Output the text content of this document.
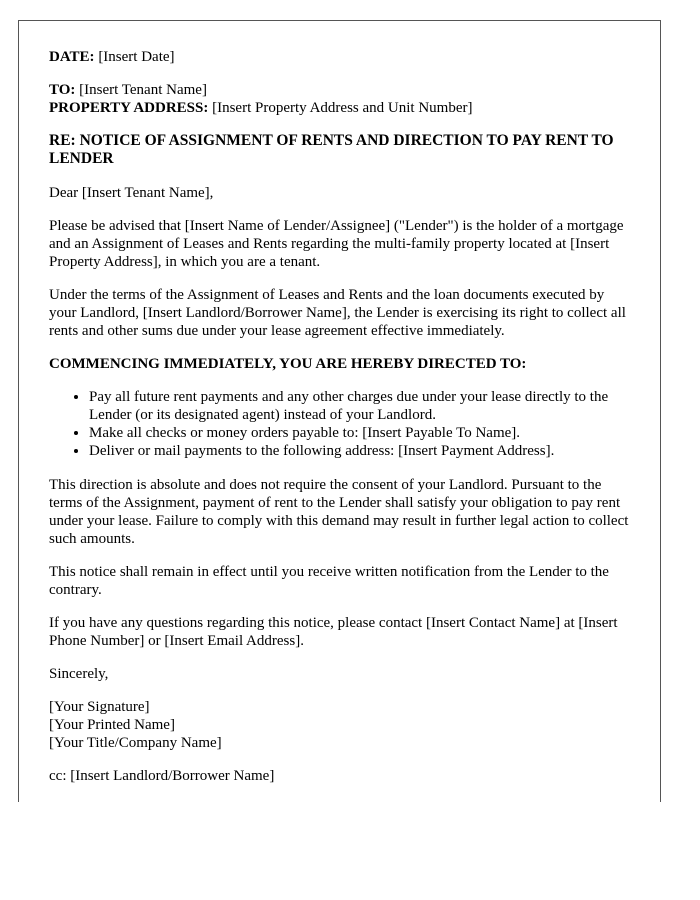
DATE: [Insert Date]
TO: [Insert Tenant Name]
PROPERTY ADDRESS: [Insert Property Address and Unit Number]
RE: NOTICE OF ASSIGNMENT OF RENTS AND DIRECTION TO PAY RENT TO LENDER

Dear [Insert Tenant Name],

Please be advised that [Insert Name of Lender/Assignee] ("Lender") is the holder of a mortgage and an Assignment of Leases and Rents regarding the multi-family property located at [Insert Property Address], in which you are a tenant.

Under the terms of the Assignment of Leases and Rents and the loan documents executed by your Landlord, [Insert Landlord/Borrower Name], the Lender is exercising its right to collect all rents and other sums due under your lease agreement effective immediately.

COMMENCING IMMEDIATELY, YOU ARE HEREBY DIRECTED TO:

• Pay all future rent payments and any other charges due under your lease directly to the Lender (or its designated agent) instead of your Landlord.
• Make all checks or money orders payable to: [Insert Payable To Name].
• Deliver or mail payments to the following address: [Insert Payment Address].

This direction is absolute and does not require the consent of your Landlord. Pursuant to the terms of the Assignment, payment of rent to the Lender shall satisfy your obligation to pay rent under your lease. Failure to comply with this demand may result in further legal action to collect such amounts.

This notice shall remain in effect until you receive written notification from the Lender to the contrary.

If you have any questions regarding this notice, please contact [Insert Contact Name] at [Insert Phone Number] or [Insert Email Address].

Sincerely,

[Your Signature]
[Your Printed Name]
[Your Title/Company Name]
cc: [Insert Landlord/Borrower Name]
